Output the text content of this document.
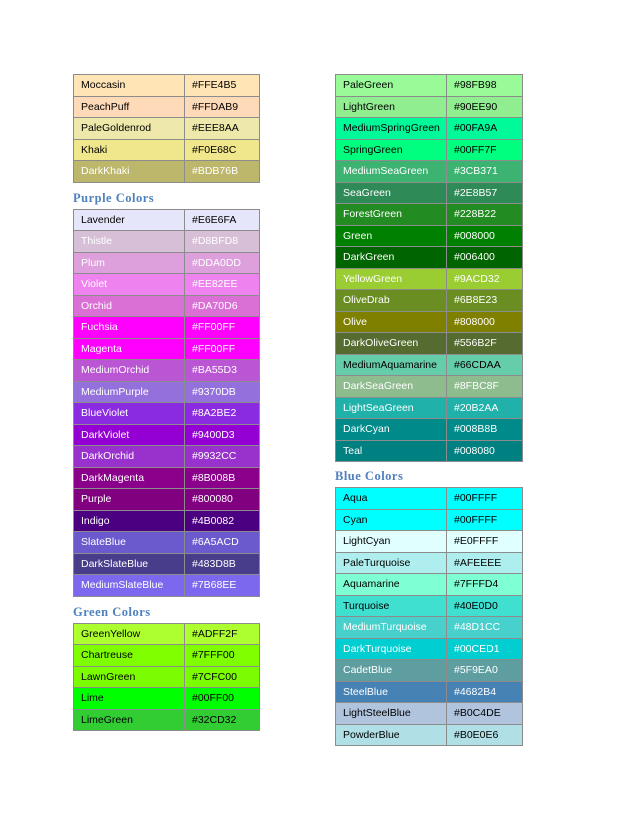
Moccasin	#FFE4B5
PeachPuff	#FFDAB9
PaleGoldenrod	#EEE8AA
Khaki	#F0E68C
DarkKhaki	#BDB76B
Purple Colors
Lavender	#E6E6FA
Thistle	#D8BFD8
Plum	#DDA0DD
Violet	#EE82EE
Orchid	#DA70D6
Fuchsia	#FF00FF
Magenta	#FF00FF
MediumOrchid	#BA55D3
MediumPurple	#9370DB
BlueViolet	#8A2BE2
DarkViolet	#9400D3
DarkOrchid	#9932CC
DarkMagenta	#8B008B
Purple	#800080
Indigo	#4B0082
SlateBlue	#6A5ACD
DarkSlateBlue	#483D8B
MediumSlateBlue	#7B68EE
Green Colors
GreenYellow	#ADFF2F
Chartreuse	#7FFF00
LawnGreen	#7CFC00
Lime	#00FF00
LimeGreen	#32CD32
PaleGreen	#98FB98
LightGreen	#90EE90
MediumSpringGreen	#00FA9A
SpringGreen	#00FF7F
MediumSeaGreen	#3CB371
SeaGreen	#2E8B57
ForestGreen	#228B22
Green	#008000
DarkGreen	#006400
YellowGreen	#9ACD32
OliveDrab	#6B8E23
Olive	#808000
DarkOliveGreen	#556B2F
MediumAquamarine	#66CDAA
DarkSeaGreen	#8FBC8F
LightSeaGreen	#20B2AA
DarkCyan	#008B8B
Teal	#008080
Blue Colors
Aqua	#00FFFF
Cyan	#00FFFF
LightCyan	#E0FFFF
PaleTurquoise	#AFEEEE
Aquamarine	#7FFFD4
Turquoise	#40E0D0
MediumTurquoise	#48D1CC
DarkTurquoise	#00CED1
CadetBlue	#5F9EA0
SteelBlue	#4682B4
LightSteelBlue	#B0C4DE
PowderBlue	#B0E0E6
